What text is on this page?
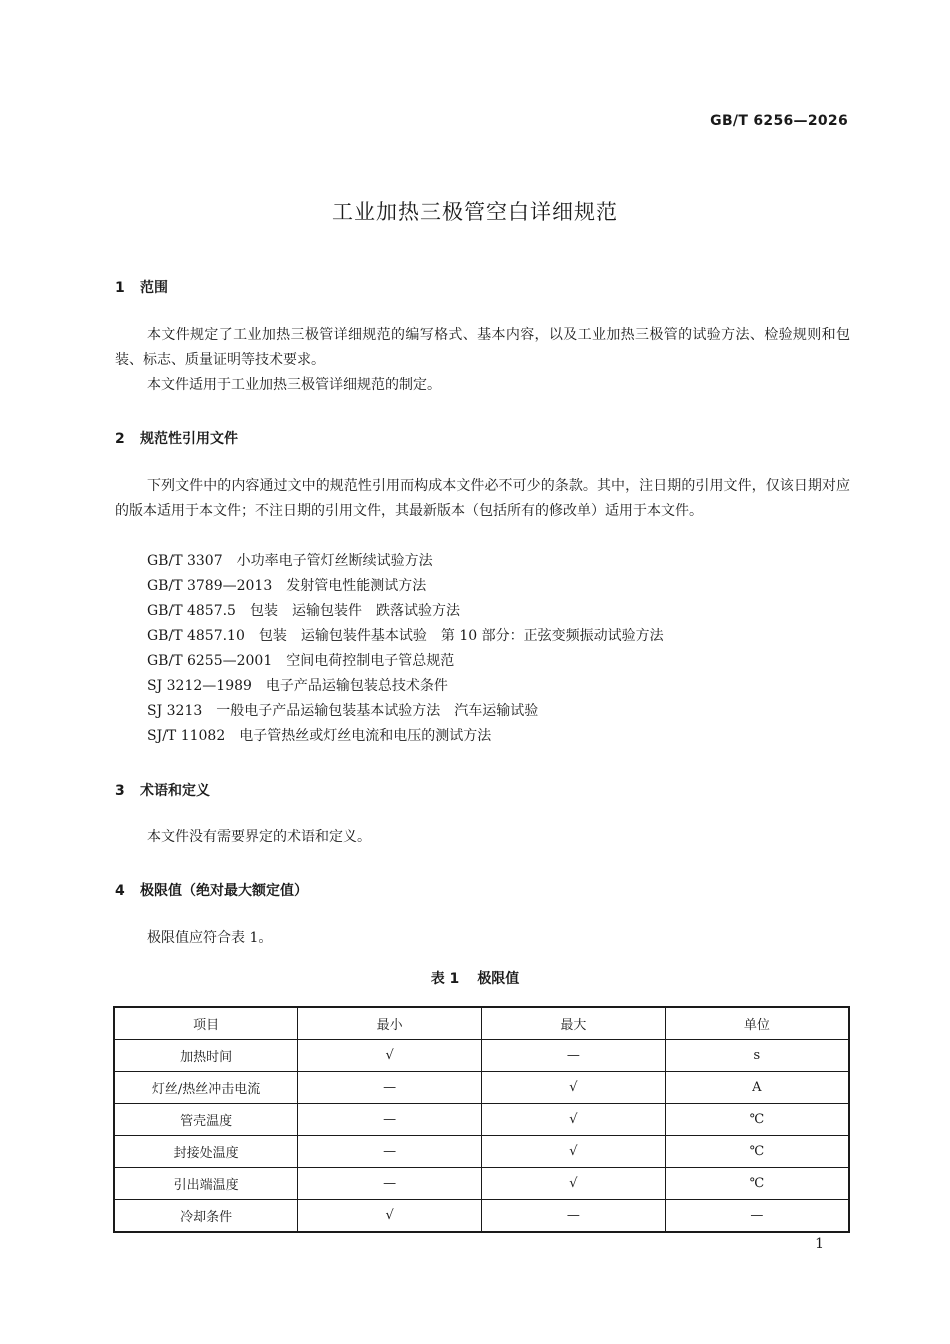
GB/T 6256—2026
工业加热三极管空白详细规范
1 范围
本文件规定了工业加热三极管详细规范的编写格式、基本内容，以及工业加热三极管的试验方法、检验规则和包装、标志、质量证明等技术要求。
本文件适用于工业加热三极管详细规范的制定。
2 规范性引用文件
下列文件中的内容通过文中的规范性引用而构成本文件必不可少的条款。其中，注日期的引用文件，仅该日期对应的版本适用于本文件；不注日期的引用文件，其最新版本（包括所有的修改单）适用于本文件。
GB/T 3307 小功率电子管灯丝断续试验方法
GB/T 3789—2013 发射管电性能测试方法
GB/T 4857.5 包装　运输包装件　跌落试验方法
GB/T 4857.10 包装　运输包装件基本试验　第 10 部分：正弦变频振动试验方法
GB/T 6255—2001 空间电荷控制电子管总规范
SJ 3212—1989 电子产品运输包装总技术条件
SJ 3213 一般电子产品运输包装基本试验方法　汽车运输试验
SJ/T 11082 电子管热丝或灯丝电流和电压的测试方法
3 术语和定义
本文件没有需要界定的术语和定义。
4 极限值（绝对最大额定值）
极限值应符合表 1。
表 1 极限值
项目	最小	最大	单位
加热时间	√	—	s
灯丝/热丝冲击电流	—	√	A
管壳温度	—	√	℃
封接处温度	—	√	℃
引出端温度	—	√	℃
冷却条件	√	—	—
1
